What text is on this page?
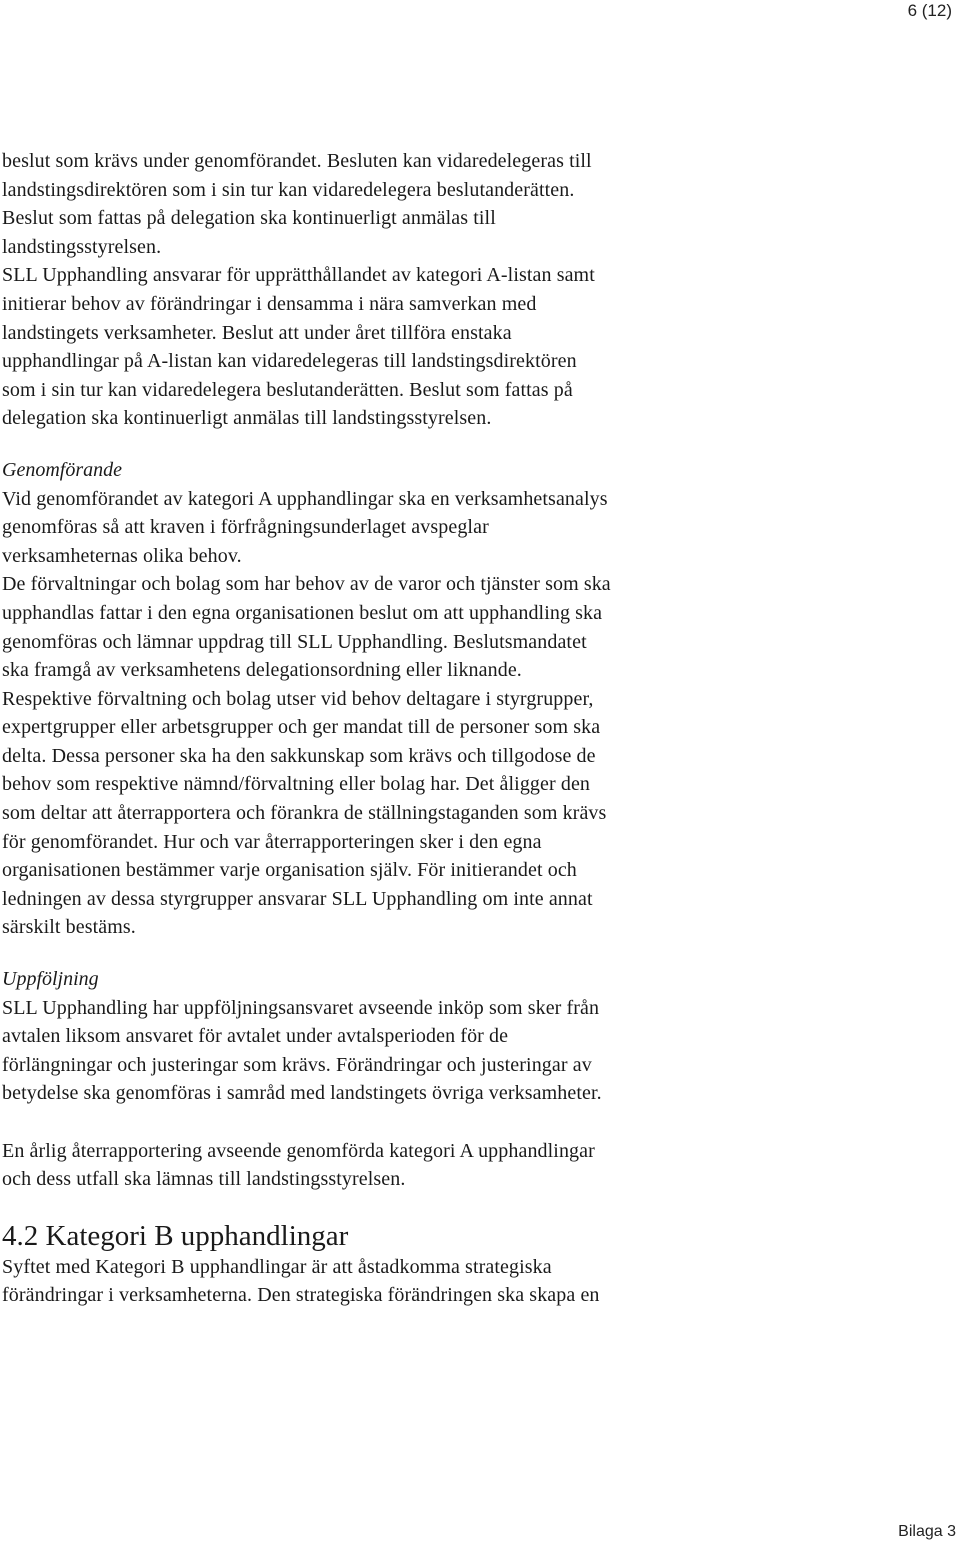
6 (12)
beslut som krävs under genomförandet. Besluten kan vidaredelegeras till
landstingsdirektören som i sin tur kan vidaredelegera beslutanderätten.
Beslut som fattas på delegation ska kontinuerligt anmälas till
landstingsstyrelsen.
SLL Upphandling ansvarar för upprätthållandet av kategori A-listan samt
initierar behov av förändringar i densamma i nära samverkan med
landstingets verksamheter. Beslut att under året tillföra enstaka
upphandlingar på A-listan kan vidaredelegeras till landstingsdirektören
som i sin tur kan vidaredelegera beslutanderätten. Beslut som fattas på
delegation ska kontinuerligt anmälas till landstingsstyrelsen.
Genomförande
Vid genomförandet av kategori A upphandlingar ska en verksamhetsanalys
genomföras så att kraven i förfrågningsunderlaget avspeglar
verksamheternas olika behov.
De förvaltningar och bolag som har behov av de varor och tjänster som ska
upphandlas fattar i den egna organisationen beslut om att upphandling ska
genomföras och lämnar uppdrag till SLL Upphandling. Beslutsmandatet
ska framgå av verksamhetens delegationsordning eller liknande.
Respektive förvaltning och bolag utser vid behov deltagare i styrgrupper,
expertgrupper eller arbetsgrupper och ger mandat till de personer som ska
delta. Dessa personer ska ha den sakkunskap som krävs och tillgodose de
behov som respektive nämnd/förvaltning eller bolag har. Det åligger den
som deltar att återrapportera och förankra de ställningstaganden som krävs
för genomförandet. Hur och var återrapporteringen sker i den egna
organisationen bestämmer varje organisation själv. För initierandet och
ledningen av dessa styrgrupper ansvarar SLL Upphandling om inte annat
särskilt bestäms.
Uppföljning
SLL Upphandling har uppföljningsansvaret avseende inköp som sker från
avtalen liksom ansvaret för avtalet under avtalsperioden för de
förlängningar och justeringar som krävs. Förändringar och justeringar av
betydelse ska genomföras i samråd med landstingets övriga verksamheter.
En årlig återrapportering avseende genomförda kategori A upphandlingar
och dess utfall ska lämnas till landstingsstyrelsen.
4.2 Kategori B upphandlingar
Syftet med Kategori B upphandlingar är att åstadkomma strategiska
förändringar i verksamheterna. Den strategiska förändringen ska skapa en
Bilaga 3
